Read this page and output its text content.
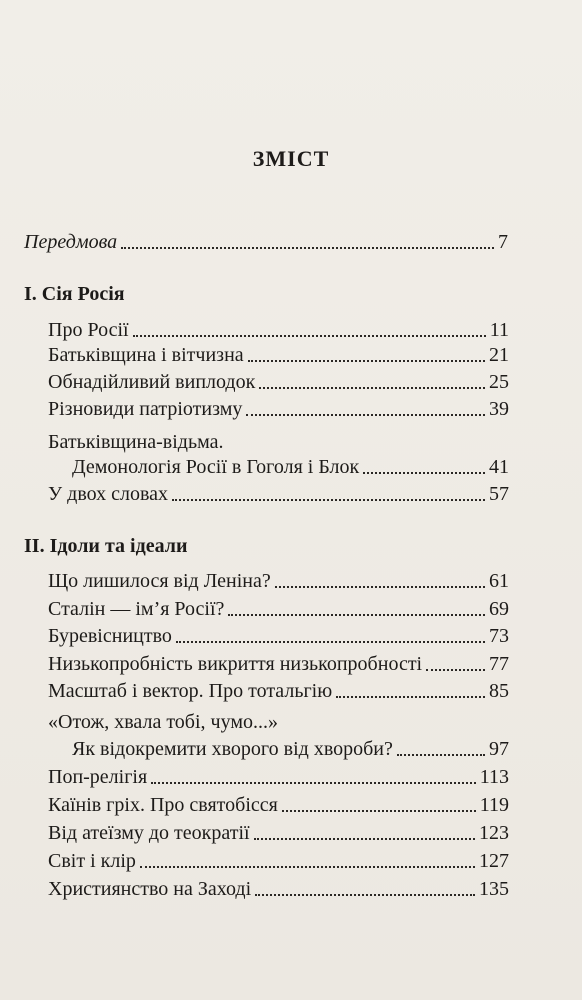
ЗМІСТ
Передмова	7
I. Сія Росія
Про Росії	11
Батьківщина і вітчизна	21
Обнадійливий виплодок	25
Різновиди патріотизму	39
Батьківщина-відьма.
Демонологія Росії в Гоголя і Блок	41
У двох словах	57
II. Ідоли та ідеали
Що лишилося від Леніна?	61
Сталін — ім’я Росії?	69
Буревісництво	73
Низькопробність викриття низькопробності	77
Масштаб і вектор. Про тотальгію	85
«Отож, хвала тобі, чумо...»
Як відокремити хворого від хвороби?	97
Поп-релігія	113
Каїнів гріх. Про святобісся	119
Від атеїзму до теократії	123
Світ і клір	127
Християнство на Заході	135
